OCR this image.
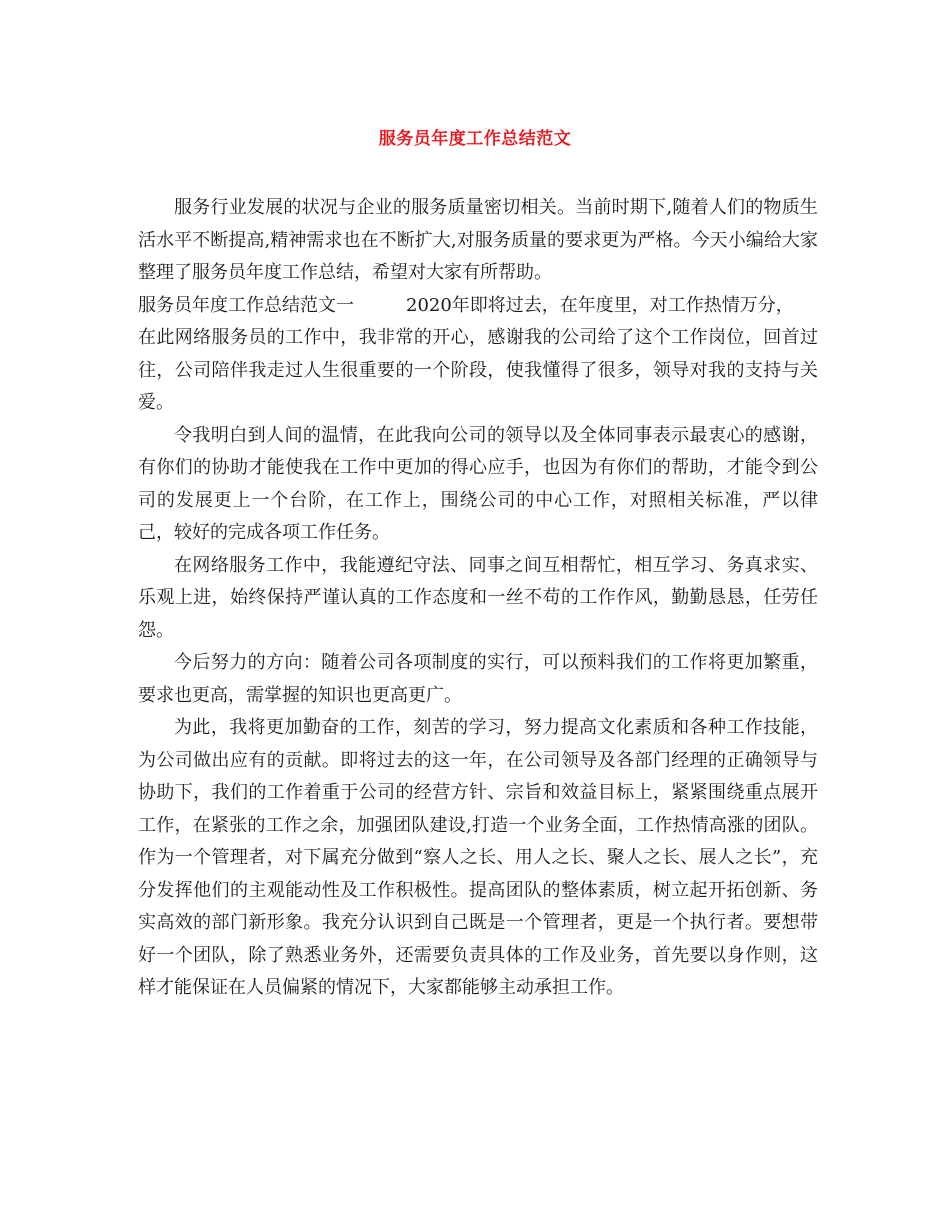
服务员年度工作总结范文

服务行业发展的状况与企业的服务质量密切相关。当前时期下,随着人们的物质生活水平不断提高,精神需求也在不断扩大,对服务质量的要求更为严格。今天小编给大家整理了服务员年度工作总结，希望对大家有所帮助。

服务员年度工作总结范文一	2020年即将过去，在年度里，对工作热情万分，

在此网络服务员的工作中，我非常的开心，感谢我的公司给了这个工作岗位，回首过往，公司陪伴我走过人生很重要的一个阶段，使我懂得了很多，领导对我的支持与关爱。

令我明白到人间的温情，在此我向公司的领导以及全体同事表示最衷心的感谢，有你们的协助才能使我在工作中更加的得心应手，也因为有你们的帮助，才能令到公司的发展更上一个台阶，在工作上，围绕公司的中心工作，对照相关标准，严以律己，较好的完成各项工作任务。

在网络服务工作中，我能遵纪守法、同事之间互相帮忙，相互学习、务真求实、乐观上进，始终保持严谨认真的工作态度和一丝不苟的工作作风，勤勤恳恳，任劳任怨。

今后努力的方向：随着公司各项制度的实行，可以预料我们的工作将更加繁重，要求也更高，需掌握的知识也更高更广。

为此，我将更加勤奋的工作，刻苦的学习，努力提高文化素质和各种工作技能，为公司做出应有的贡献。即将过去的这一年，在公司领导及各部门经理的正确领导与协助下，我们的工作着重于公司的经营方针、宗旨和效益目标上，紧紧围绕重点展开工作，在紧张的工作之余，加强团队建设,打造一个业务全面，工作热情高涨的团队。作为一个管理者，对下属充分做到“察人之长、用人之长、聚人之长、展人之长”，充分发挥他们的主观能动性及工作积极性。提高团队的整体素质，树立起开拓创新、务实高效的部门新形象。我充分认识到自己既是一个管理者，更是一个执行者。要想带好一个团队，除了熟悉业务外，还需要负责具体的工作及业务，首先要以身作则，这样才能保证在人员偏紧的情况下，大家都能够主动承担工作。
